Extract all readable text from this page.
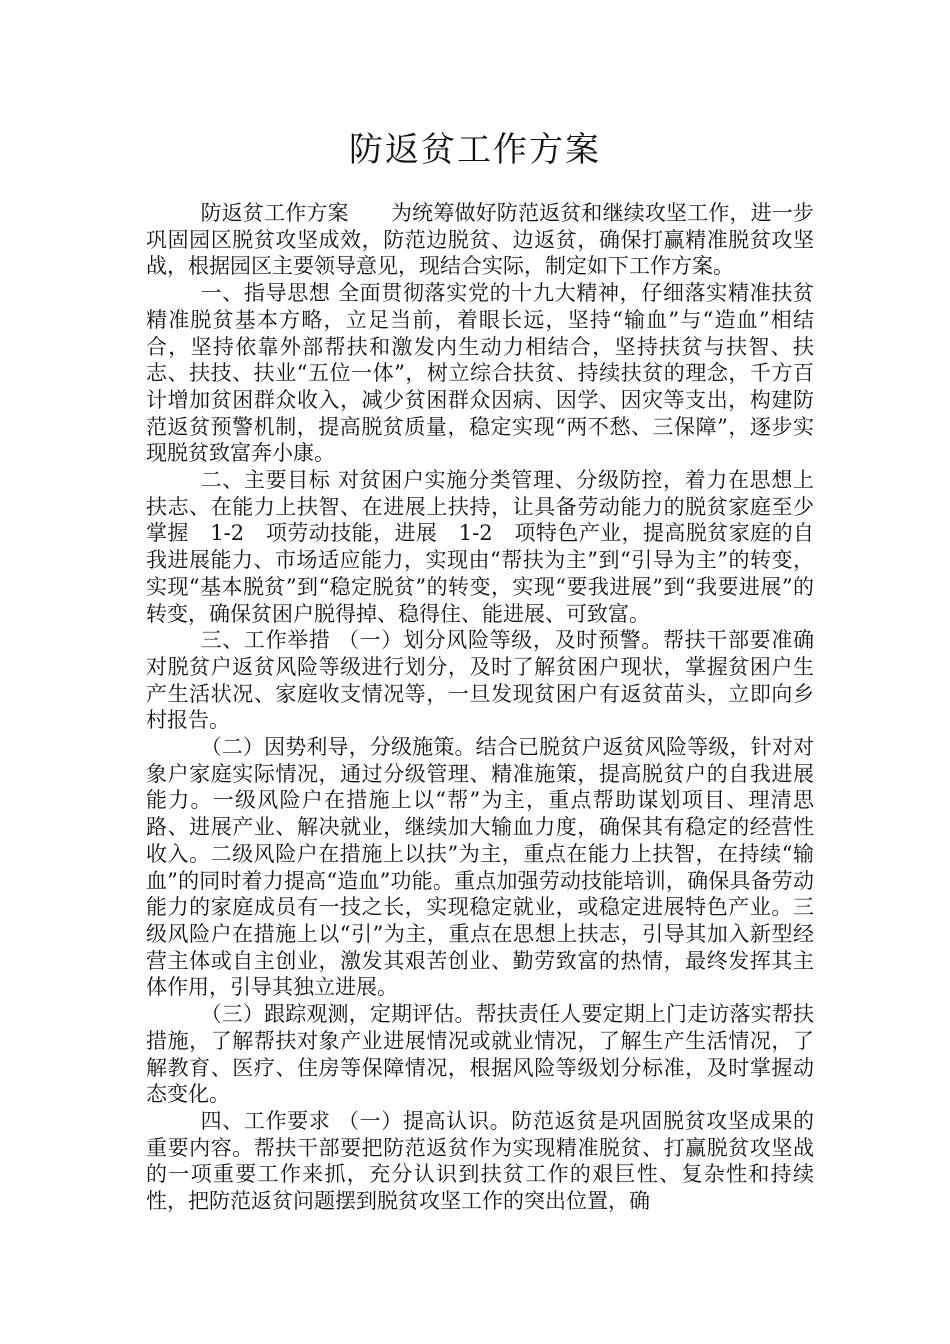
防返贫工作方案

防返贫工作方案　　为统筹做好防范返贫和继续攻坚工作，进一步巩固园区脱贫攻坚成效，防范边脱贫、边返贫，确保打赢精准脱贫攻坚战，根据园区主要领导意见，现结合实际，制定如下工作方案。

一、指导思想 全面贯彻落实党的十九大精神，仔细落实精准扶贫精准脱贫基本方略，立足当前，着眼长远，坚持“输血”与“造血”相结合，坚持依靠外部帮扶和激发内生动力相结合，坚持扶贫与扶智、扶志、扶技、扶业“五位一体”，树立综合扶贫、持续扶贫的理念，千方百计增加贫困群众收入，减少贫困群众因病、因学、因灾等支出，构建防范返贫预警机制，提高脱贫质量，稳定实现“两不愁、三保障”，逐步实现脱贫致富奔小康。

二、主要目标 对贫困户实施分类管理、分级防控，着力在思想上扶志、在能力上扶智、在进展上扶持，让具备劳动能力的脱贫家庭至少掌握　1-2　项劳动技能，进展　1-2　项特色产业，提高脱贫家庭的自我进展能力、市场适应能力，实现由“帮扶为主”到“引导为主”的转变，实现“基本脱贫”到“稳定脱贫”的转变，实现“要我进展”到“我要进展”的转变，确保贫困户脱得掉、稳得住、能进展、可致富。

三、工作举措 （一）划分风险等级，及时预警。帮扶干部要准确对脱贫户返贫风险等级进行划分，及时了解贫困户现状，掌握贫困户生产生活状况、家庭收支情况等，一旦发现贫困户有返贫苗头，立即向乡村报告。

（二）因势利导，分级施策。结合已脱贫户返贫风险等级，针对对象户家庭实际情况，通过分级管理、精准施策，提高脱贫户的自我进展能力。一级风险户在措施上以“帮”为主，重点帮助谋划项目、理清思路、进展产业、解决就业，继续加大输血力度，确保其有稳定的经营性收入。二级风险户在措施上以扶”为主，重点在能力上扶智，在持续“输血”的同时着力提高“造血”功能。重点加强劳动技能培训，确保具备劳动能力的家庭成员有一技之长，实现稳定就业，或稳定进展特色产业。三级风险户在措施上以“引”为主，重点在思想上扶志，引导其加入新型经营主体或自主创业，激发其艰苦创业、勤劳致富的热情，最终发挥其主体作用，引导其独立进展。

（三）跟踪观测，定期评估。帮扶责任人要定期上门走访落实帮扶措施，了解帮扶对象产业进展情况或就业情况，了解生产生活情况，了解教育、医疗、住房等保障情况，根据风险等级划分标准，及时掌握动态变化。

四、工作要求 （一）提高认识。防范返贫是巩固脱贫攻坚成果的重要内容。帮扶干部要把防范返贫作为实现精准脱贫、打赢脱贫攻坚战的一项重要工作来抓，充分认识到扶贫工作的艰巨性、复杂性和持续性，把防范返贫问题摆到脱贫攻坚工作的突出位置，确
